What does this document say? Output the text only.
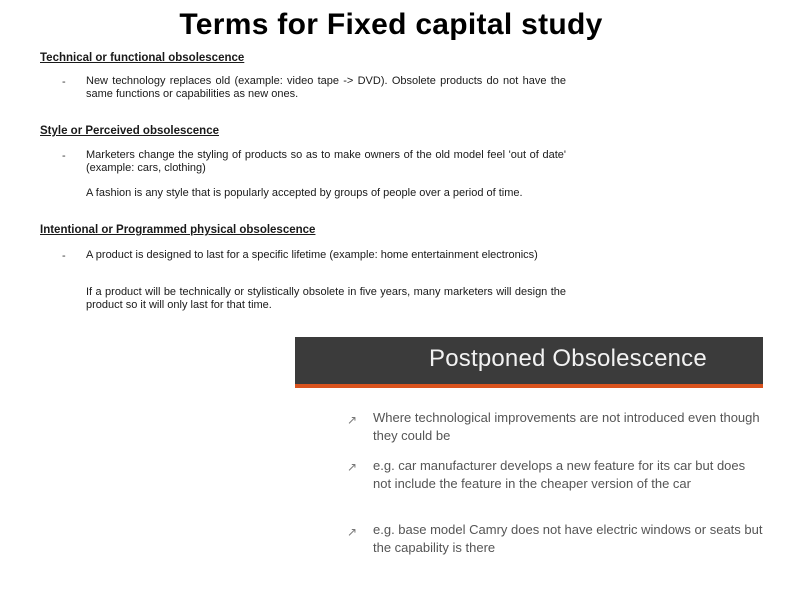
Terms for Fixed capital study
Technical or functional obsolescence
- New technology replaces old (example: video tape -> DVD). Obsolete products do not have the same functions or capabilities as new ones.
Style or Perceived obsolescence
- Marketers change the styling of products so as to make owners of the old model feel 'out of date' (example: cars, clothing)
A fashion is any style that is popularly accepted by groups of people over a period of time.
Intentional or Programmed physical obsolescence
- A product is designed to last for a specific lifetime (example: home entertainment electronics)
If a product will be technically or stylistically obsolete in five years, many marketers will design the product so it will only last for that time.
Postponed Obsolescence
↗ Where technological improvements are not introduced even though they could be
↗ e.g. car manufacturer develops a new feature for its car but does not include the feature in the cheaper version of the car
↗ e.g. base model Camry does not have electric windows or seats but the capability is there
